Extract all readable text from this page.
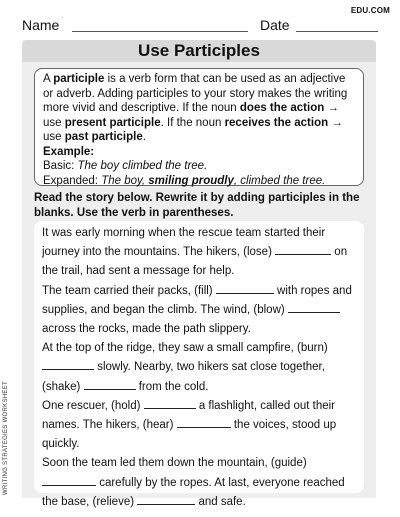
EDU.COM
Name	Date
Use Participles

A participle is a verb form that can be used as an adjective or adverb. Adding participles to your story makes the writing more vivid and descriptive. If the noun does the action → use present participle. If the noun receives the action → use past participle.

Example:

Basic: The boy climbed the tree.

Expanded: The boy, smiling proudly, climbed the tree.

Read the story below. Rewrite it by adding participles in the blanks. Use the verb in parentheses.

It was early morning when the rescue team started their journey into the mountains. The hikers, (lose)	on the trail, had sent a message for help.

The team carried their packs, (fill)	with ropes and supplies, and began the climb. The wind, (blow)  across the rocks, made the path slippery.

At the top of the ridge, they saw a small campfire, (burn)  slowly. Nearby, two hikers sat close together, (shake)	from the cold.

One rescuer, (hold)	a flashlight, called out their names. The hikers, (hear)	the voices, stood up quickly.

Soon the team led them down the mountain, (guide)  carefully by the ropes. At last, everyone reached the base, (relieve)	and safe.

WRITING STRATEGIES WORKSHEET
